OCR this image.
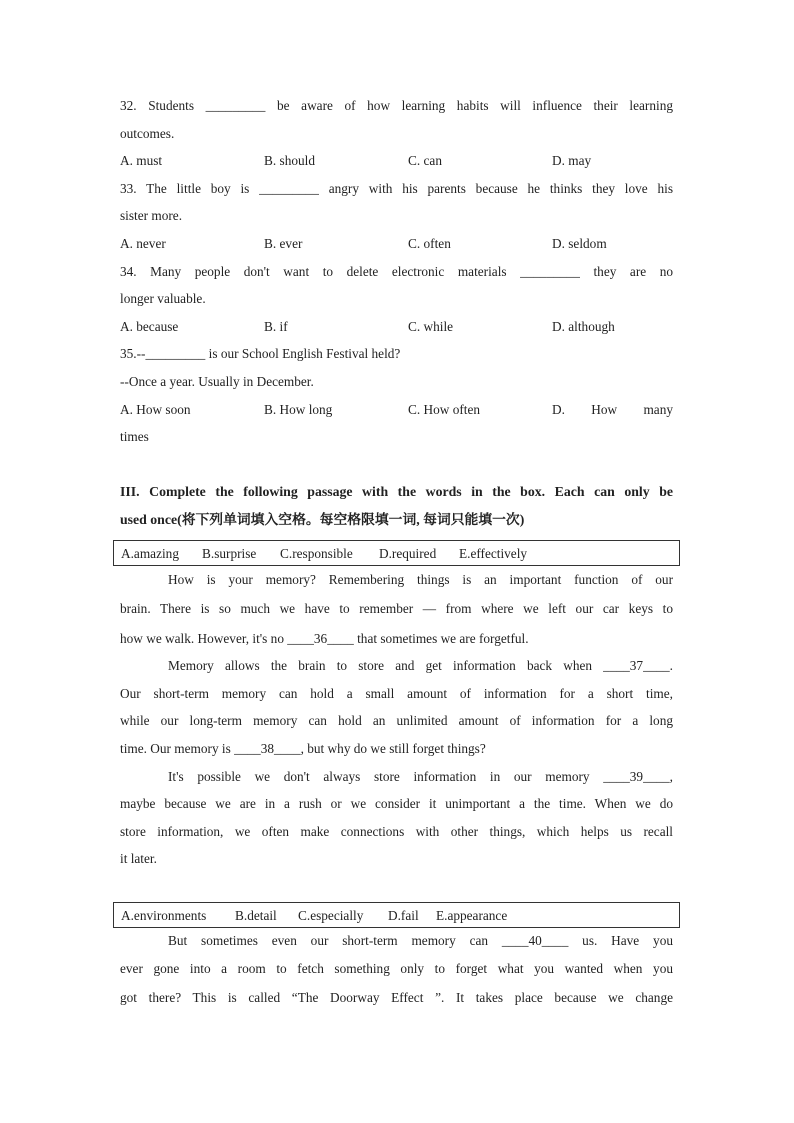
32. Students _________ be aware of how learning habits will influence their learning
outcomes.
A. must	B. should	C. can	D. may
33. The little boy is _________ angry with his parents because he thinks they love his
sister more.
A. never	B. ever	C. often	D. seldom
34. Many people don't want to delete electronic materials _________ they are no
longer valuable.
A. because	B. if	C. while	D. although
35.--_________ is our School English Festival held?
--Once a year. Usually in December.
A. How soon	B. How long	C. How often	D. How many
times
III. Complete the following passage with the words in the box. Each can only be
used once(将下列单词填入空格。每空格限填一词, 每词只能填一次)
A.amazing B.surprise C.responsible D.required E.effectively
How is your memory? Remembering things is an important function of our
brain. There is so much we have to remember — from where we left our car keys to
how we walk. However, it's no ____36____ that sometimes we are forgetful.
Memory allows the brain to store and get information back when ____37____.
Our short-term memory can hold a small amount of information for a short time,
while our long-term memory can hold an unlimited amount of information for a long
time. Our memory is ____38____, but why do we still forget things?
It's possible we don't always store information in our memory ____39____,
maybe because we are in a rush or we consider it unimportant a the time. When we do
store information, we often make connections with other things, which helps us recall
it later.
A.environments B.detail C.especially D.fail E.appearance
But sometimes even our short-term memory can ____40____ us. Have you
ever gone into a room to fetch something only to forget what you wanted when you
got there? This is called “The Doorway Effect ”. It takes place because we change
